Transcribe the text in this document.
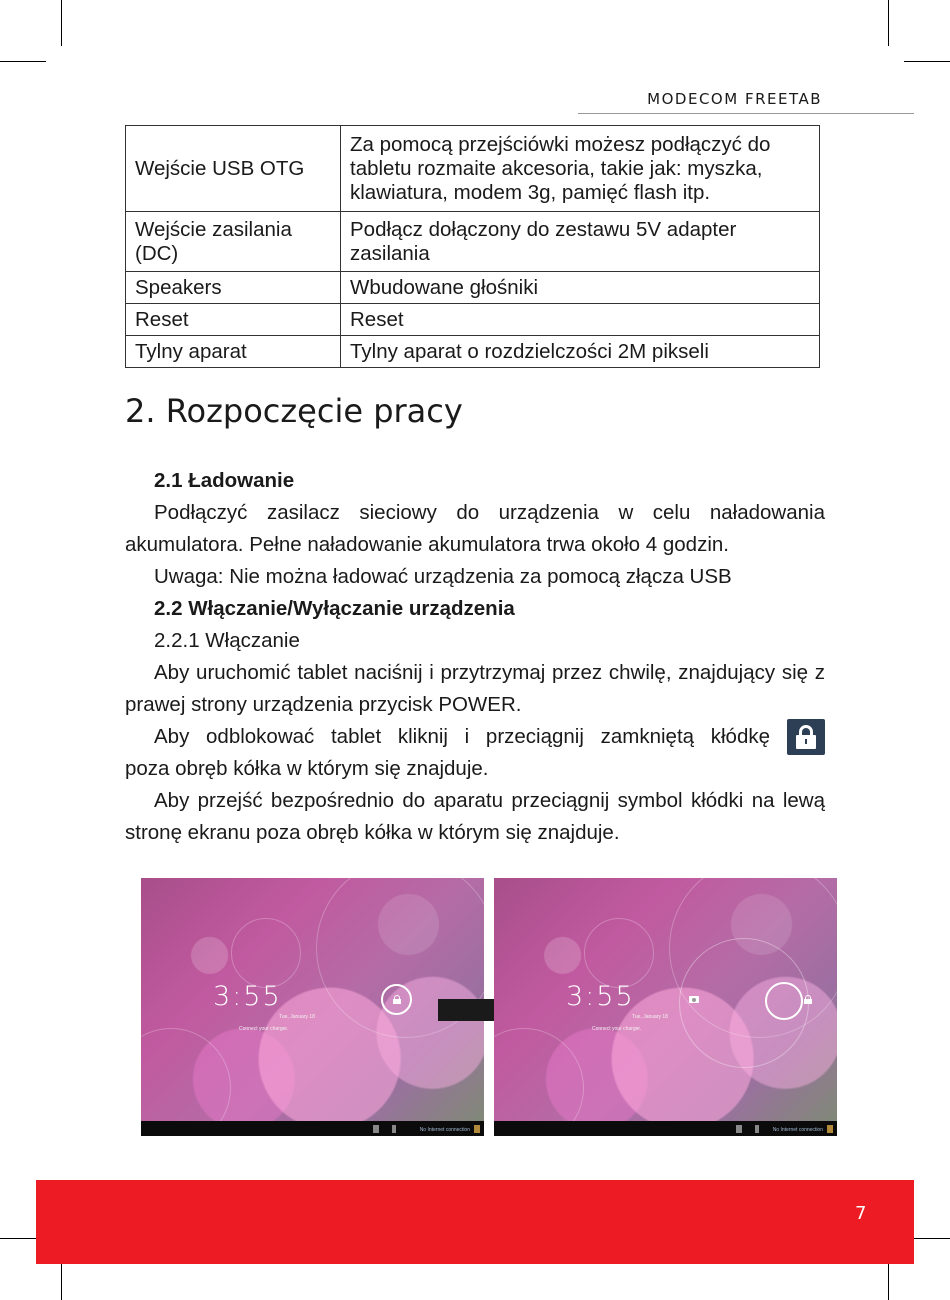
MODECOM FREETAB
Wejście USB OTG	Za pomocą przejściówki możesz podłączyć do tabletu rozmaite akcesoria, takie jak: myszka, klawiatura, modem 3g, pamięć flash itp.
Wejście zasilania (DC)	Podłącz dołączony do zestawu 5V adapter zasilania
Speakers	Wbudowane głośniki
Reset	Reset
Tylny aparat	Tylny aparat o rozdzielczości 2M pikseli
2. Rozpoczęcie pracy
2.1 Ładowanie
Podłączyć zasilacz sieciowy do urządzenia w celu naładowania akumulatora. Pełne naładowanie akumulatora trwa około 4 godzin.
Uwaga: Nie można ładować urządzenia za pomocą złącza USB
2.2 Włączanie/Wyłączanie urządzenia
2.2.1 Włączanie
Aby uruchomić tablet naciśnij i przytrzymaj przez chwilę, znajdujący się z prawej strony urządzenia przycisk POWER.
Aby odblokować tablet kliknij i przeciągnij zamkniętą kłódkę
poza obręb kółka w którym się znajduje.
Aby przejść bezpośrednio do aparatu przeciągnij symbol kłódki na lewą stronę ekranu poza obręb kółka w którym się znajduje.
3:55
Tue, January 18
Connect your charger.
No Internet connection
3:55
Tue, January 18
Connect your charger.
No Internet connection
7
